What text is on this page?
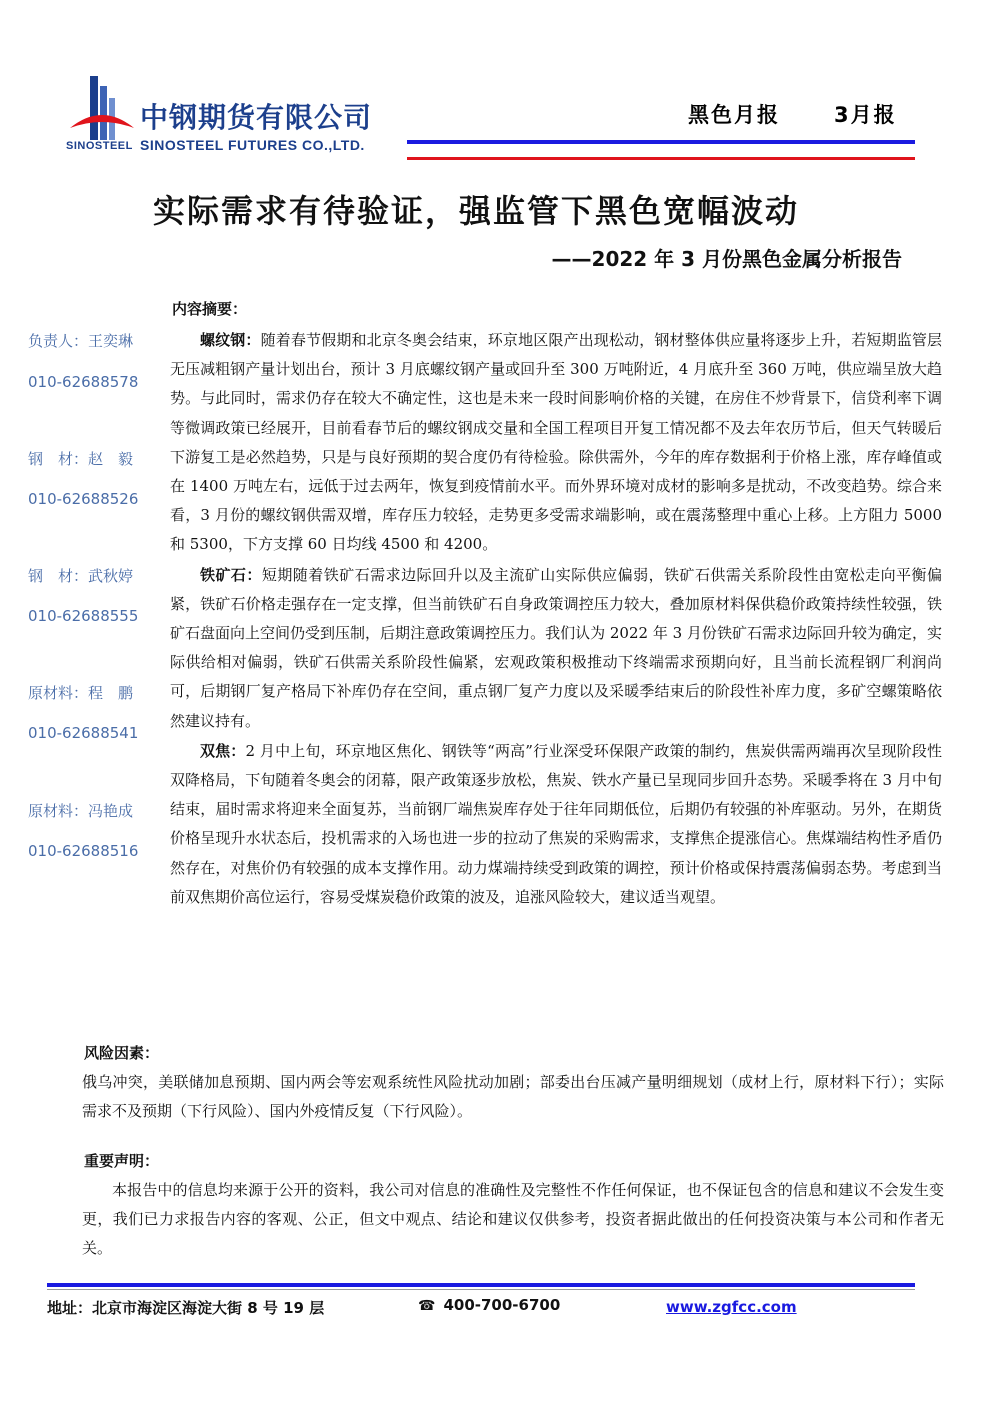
中钢期货有限公司
SINOSTEEL SINOSTEEL FUTURES CO.,LTD.
黑色月报	3月报
实际需求有待验证，强监管下黑色宽幅波动
——2022 年 3 月份黑色金属分析报告
负责人：王奕琳
010-62688578
钢　材：赵　毅
010-62688526
钢　材：武秋婷
010-62688555
原材料：程　鹏
010-62688541
原材料：冯艳成
010-62688516
内容摘要：

螺纹钢：随着春节假期和北京冬奥会结束，环京地区限产出现松动，钢材整体供应量将逐步上升，若短期监管层无压减粗钢产量计划出台，预计 3 月底螺纹钢产量或回升至 300 万吨附近，4 月底升至 360 万吨，供应端呈放大趋势。与此同时，需求仍存在较大不确定性，这也是未来一段时间影响价格的关键，在房住不炒背景下，信贷利率下调等微调政策已经展开，目前看春节后的螺纹钢成交量和全国工程项目开复工情况都不及去年农历节后，但天气转暖后下游复工是必然趋势，只是与良好预期的契合度仍有待检验。除供需外，今年的库存数据利于价格上涨，库存峰值或在 1400 万吨左右，远低于过去两年，恢复到疫情前水平。而外界环境对成材的影响多是扰动，不改变趋势。综合来看，3 月份的螺纹钢供需双增，库存压力较轻，走势更多受需求端影响，或在震荡整理中重心上移。上方阻力 5000 和 5300，下方支撑 60 日均线 4500 和 4200。

铁矿石：短期随着铁矿石需求边际回升以及主流矿山实际供应偏弱，铁矿石供需关系阶段性由宽松走向平衡偏紧，铁矿石价格走强存在一定支撑，但当前铁矿石自身政策调控压力较大，叠加原材料保供稳价政策持续性较强，铁矿石盘面向上空间仍受到压制，后期注意政策调控压力。我们认为 2022 年 3 月份铁矿石需求边际回升较为确定，实际供给相对偏弱，铁矿石供需关系阶段性偏紧，宏观政策积极推动下终端需求预期向好，且当前长流程钢厂利润尚可，后期钢厂复产格局下补库仍存在空间，重点钢厂复产力度以及采暖季结束后的阶段性补库力度，多矿空螺策略依然建议持有。

双焦：2 月中上旬，环京地区焦化、钢铁等“两高”行业深受环保限产政策的制约，焦炭供需两端再次呈现阶段性双降格局，下旬随着冬奥会的闭幕，限产政策逐步放松，焦炭、铁水产量已呈现同步回升态势。采暖季将在 3 月中旬结束，届时需求将迎来全面复苏，当前钢厂端焦炭库存处于往年同期低位，后期仍有较强的补库驱动。另外，在期货价格呈现升水状态后，投机需求的入场也进一步的拉动了焦炭的采购需求，支撑焦企提涨信心。焦煤端结构性矛盾仍然存在，对焦价仍有较强的成本支撑作用。动力煤端持续受到政策的调控，预计价格或保持震荡偏弱态势。考虑到当前双焦期价高位运行，容易受煤炭稳价政策的波及，追涨风险较大，建议适当观望。

风险因素：

俄乌冲突，美联储加息预期、国内两会等宏观系统性风险扰动加剧；部委出台压减产量明细规划（成材上行，原材料下行）；实际需求不及预期（下行风险）、国内外疫情反复（下行风险）。

重要声明：

本报告中的信息均来源于公开的资料，我公司对信息的准确性及完整性不作任何保证，也不保证包含的信息和建议不会发生变更，我们已力求报告内容的客观、公正，但文中观点、结论和建议仅供参考，投资者据此做出的任何投资决策与本公司和作者无关。

地址：北京市海淀区海淀大街 8 号 19 层	☎ 400-700-6700	www.zgfcc.com
